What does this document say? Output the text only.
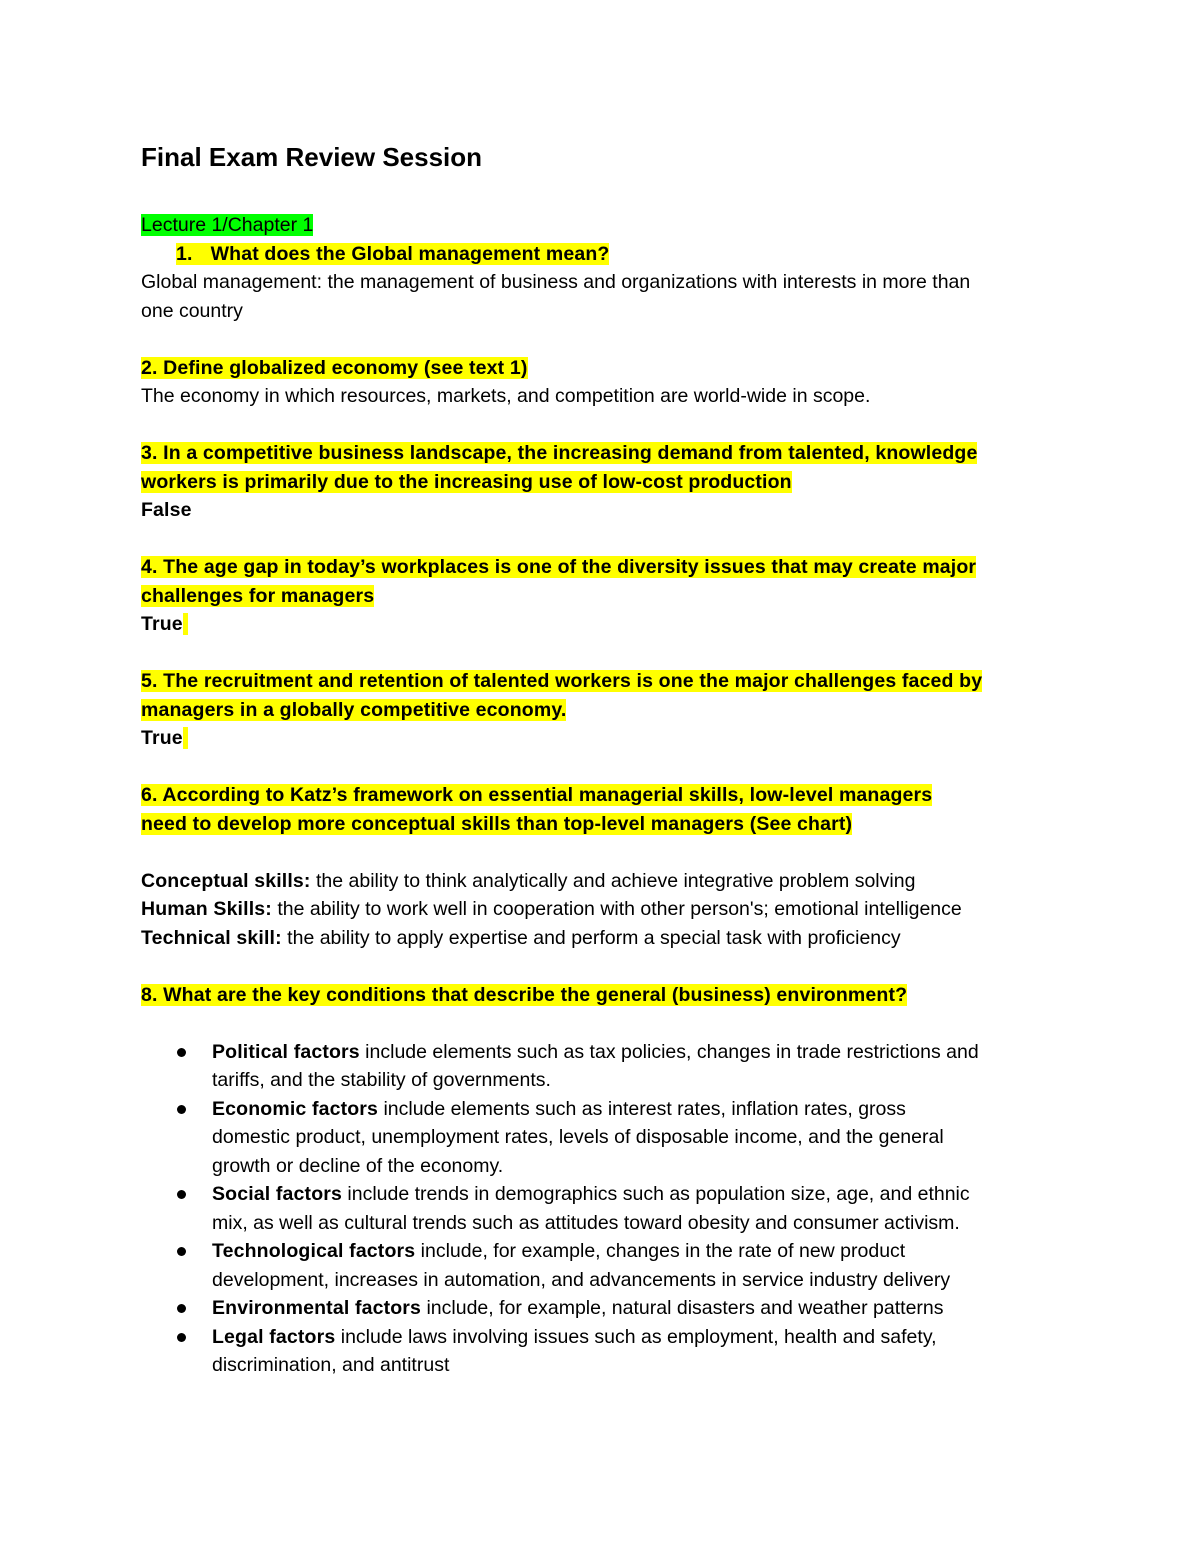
Final Exam Review Session

Lecture 1/Chapter 1

1. What does the Global management mean?

Global management: the management of business and organizations with interests in more than

one country

2. Define globalized economy (see text 1)

The economy in which resources, markets, and competition are world-wide in scope.

3. In a competitive business landscape, the increasing demand from talented, knowledge

workers is primarily due to the increasing use of low-cost production

False

4. The age gap in today’s workplaces is one of the diversity issues that may create major

challenges for managers

True

5. The recruitment and retention of talented workers is one the major challenges faced by

managers in a globally competitive economy.

True

6. According to Katz’s framework on essential managerial skills, low-level managers

need to develop more conceptual skills than top-level managers (See chart)

Conceptual skills: the ability to think analytically and achieve integrative problem solving

Human Skills: the ability to work well in cooperation with other person's; emotional intelligence

Technical skill: the ability to apply expertise and perform a special task with proficiency

8. What are the key conditions that describe the general (business) environment?

Political factors include elements such as tax policies, changes in trade restrictions and
tariffs, and the stability of governments.
Economic factors include elements such as interest rates, inflation rates, gross
domestic product, unemployment rates, levels of disposable income, and the general
growth or decline of the economy.
Social factors include trends in demographics such as population size, age, and ethnic
mix, as well as cultural trends such as attitudes toward obesity and consumer activism.
Technological factors include, for example, changes in the rate of new product
development, increases in automation, and advancements in service industry delivery
Environmental factors include, for example, natural disasters and weather patterns
Legal factors include laws involving issues such as employment, health and safety,
discrimination, and antitrust
